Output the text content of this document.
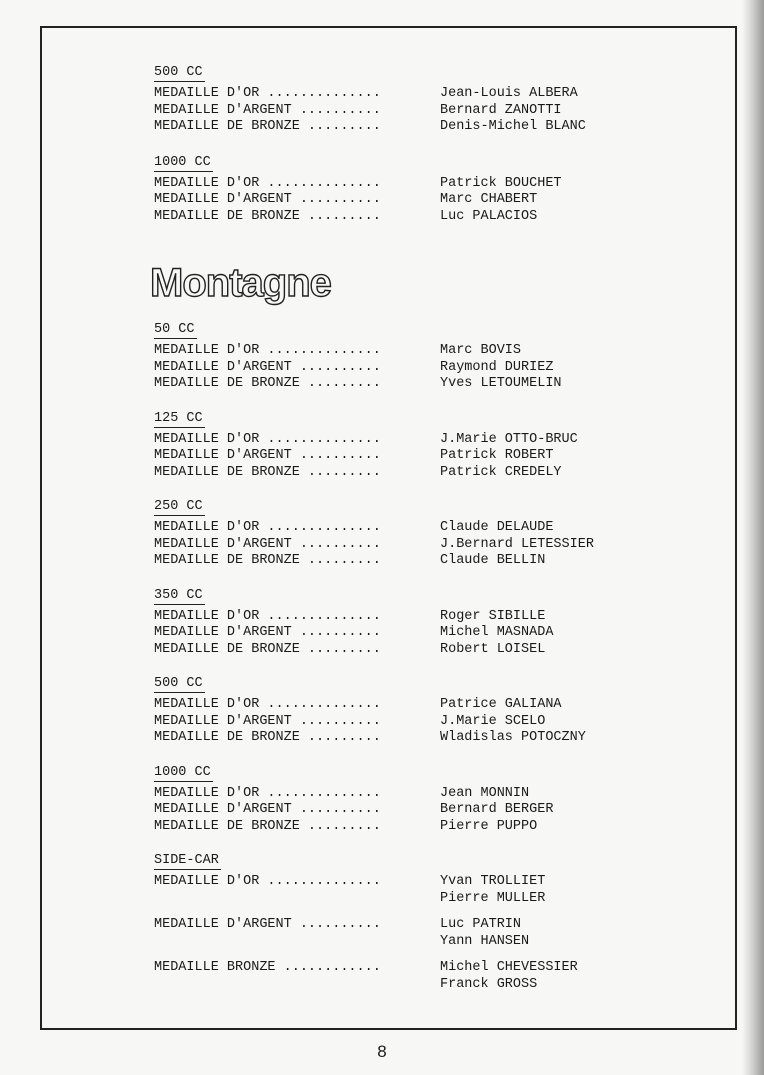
500 CC
MEDAILLE D'OR ..............	Jean-Louis ALBERA
MEDAILLE D'ARGENT ..........	Bernard ZANOTTI
MEDAILLE DE BRONZE .........	Denis-Michel BLANC
1000 CC
MEDAILLE D'OR ..............	Patrick BOUCHET
MEDAILLE D'ARGENT ..........	Marc CHABERT
MEDAILLE DE BRONZE .........	Luc PALACIOS
Montagne
50 CC
MEDAILLE D'OR ..............	Marc BOVIS
MEDAILLE D'ARGENT ..........	Raymond DURIEZ
MEDAILLE DE BRONZE .........	Yves LETOUMELIN
125 CC
MEDAILLE D'OR ..............	J.Marie OTTO-BRUC
MEDAILLE D'ARGENT ..........	Patrick ROBERT
MEDAILLE DE BRONZE .........	Patrick CREDELY
250 CC
MEDAILLE D'OR ..............	Claude DELAUDE
MEDAILLE D'ARGENT ..........	J.Bernard LETESSIER
MEDAILLE DE BRONZE .........	Claude BELLIN
350 CC
MEDAILLE D'OR ..............	Roger SIBILLE
MEDAILLE D'ARGENT ..........	Michel MASNADA
MEDAILLE DE BRONZE .........	Robert LOISEL
500 CC
MEDAILLE D'OR ..............	Patrice GALIANA
MEDAILLE D'ARGENT ..........	J.Marie SCELO
MEDAILLE DE BRONZE .........	Wladislas POTOCZNY
1000 CC
MEDAILLE D'OR ..............	Jean MONNIN
MEDAILLE D'ARGENT ..........	Bernard BERGER
MEDAILLE DE BRONZE .........	Pierre PUPPO
SIDE-CAR
MEDAILLE D'OR ..............	Yvan TROLLIET
Pierre MULLER
MEDAILLE D'ARGENT ..........	Luc PATRIN
Yann HANSEN
MEDAILLE BRONZE ............	Michel CHEVESSIER
Franck GROSS
8
